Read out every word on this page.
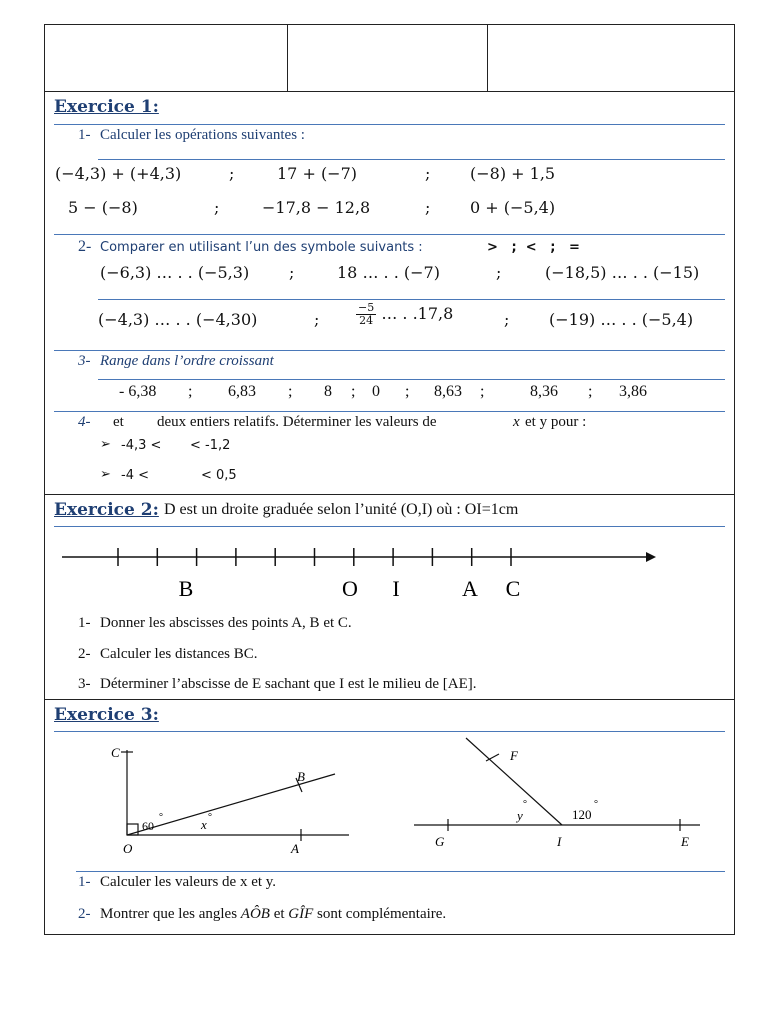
Exercice 1:
1- Calculer les opérations suivantes :
(−4,3) + (+4,3)	;	17 + (−7)	; (−8) + 1,5
5 − (−8)	;	−17,8 − 12,8	; 0 + (−5,4)
2- Comparer en utilisant l’un des symbole suivants :	>   ;  <   ;   =
(−6,3) … . . (−5,3) ;	18 … . . (−7)	;	(−18,5) … . . (−15)
(−4,3) … . . (−4,30)	;	$\frac{-5}{24}$ … . .17,8	; (−19) … . . (−5,4)
3- Range dans l’ordre croissant
- 6,38 ; 6,83 ; 8 ; 0 ; 8,63 ;	8,36 ; 3,86
4- et deux entiers relatifs. Déterminer les valeurs de	x et y pour :
➢ -4,3 < < -1,2
➢ -4 <	< 0,5
Exercice 2: D est un droite graduée selon l’unité (O,I) où : OI=1cm
B	O I	A C
1- Donner les abscisses des points A, B et C.
2- Calculer les distances BC.
3- Déterminer l’abscisse de E sachant que I est le milieu de [AE].
Exercice 3:
C
B
O	A
60
°	x °
F
G	I	E
y
°
120
°
1- Calculer les valeurs de x et y.
2- Montrer que les angles AÔB et GÎF sont complémentaire.
